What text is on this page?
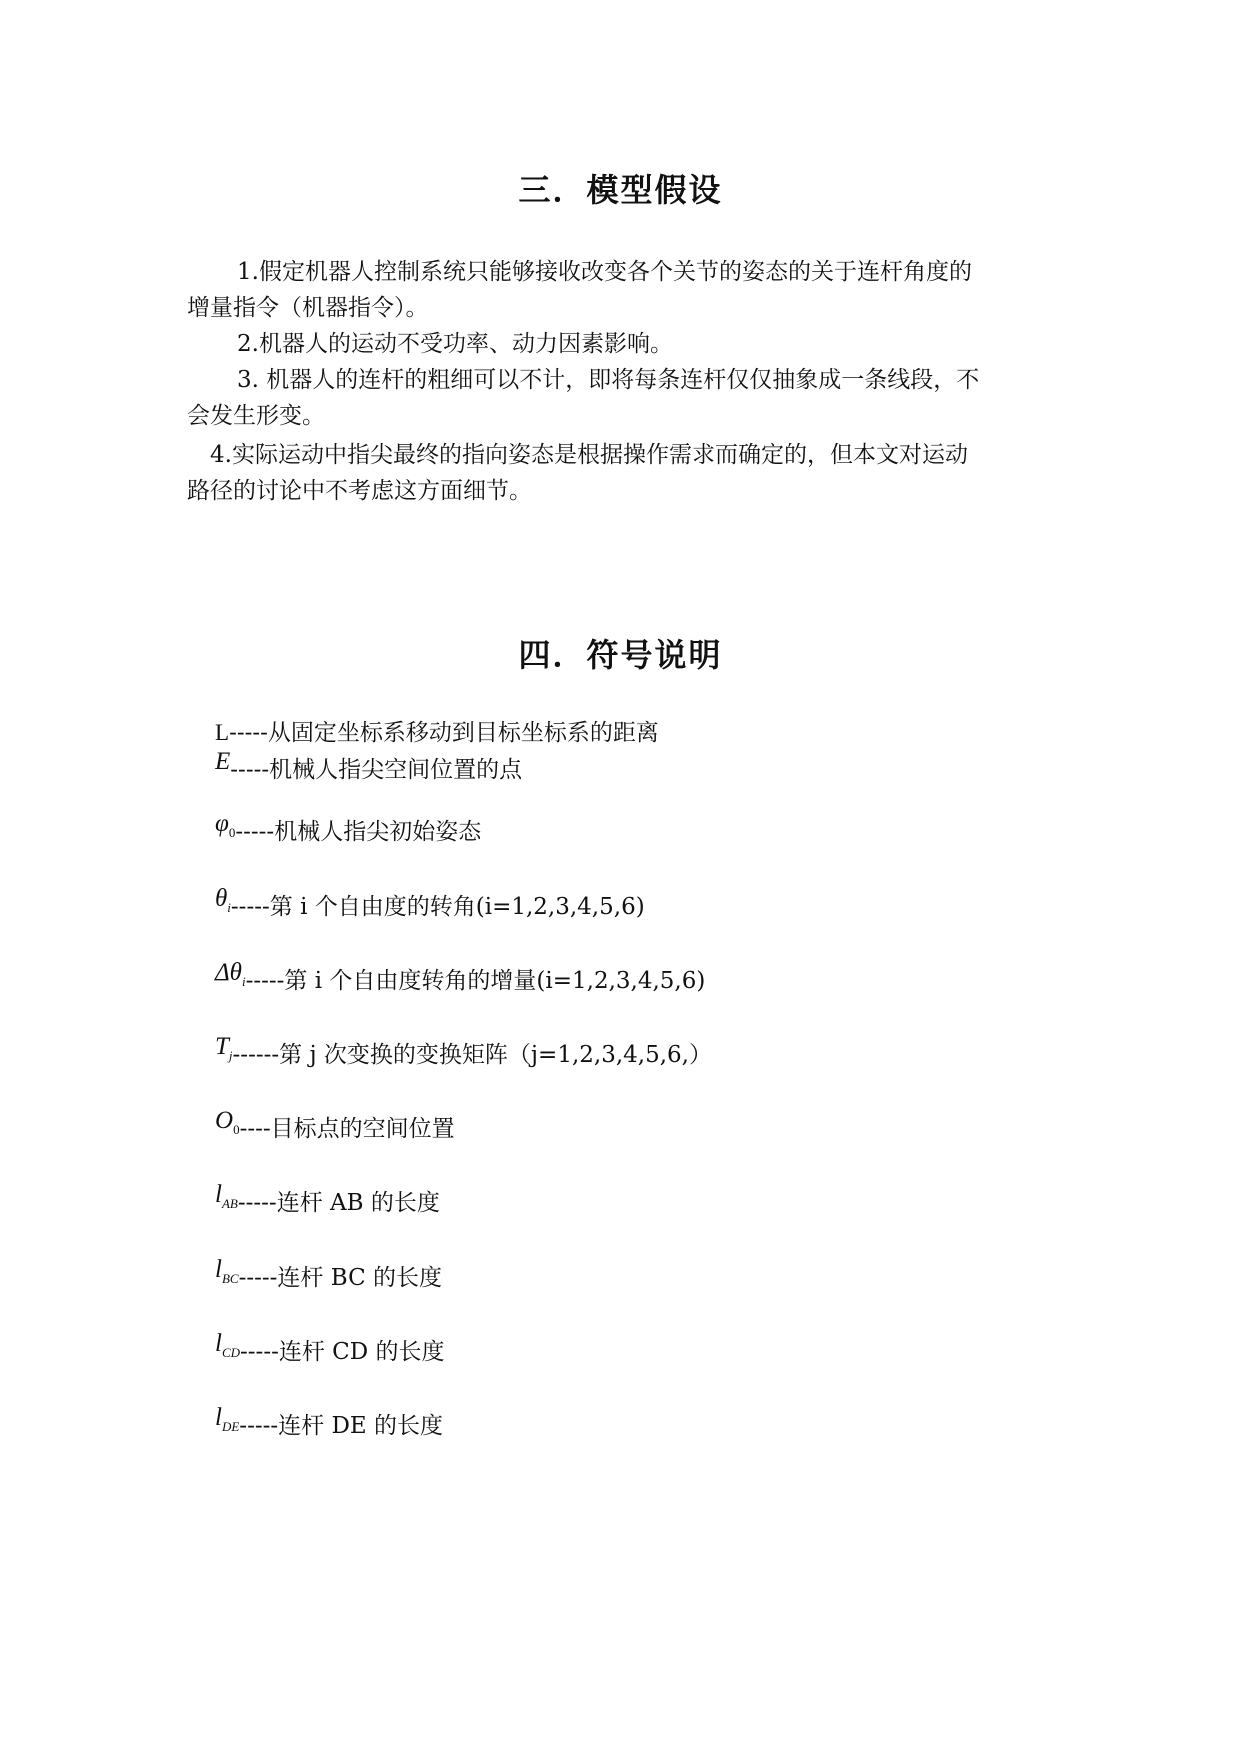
三．模型假设
1.假定机器人控制系统只能够接收改变各个关节的姿态的关于连杆角度的
增量指令（机器指令）。
2.机器人的运动不受功率、动力因素影响。
3. 机器人的连杆的粗细可以不计，即将每条连杆仅仅抽象成一条线段，不
会发生形变。
4.实际运动中指尖最终的指向姿态是根据操作需求而确定的，但本文对运动
路径的讨论中不考虑这方面细节。
四．符号说明
L-----从固定坐标系移动到目标坐标系的距离
E-----机械人指尖空间位置的点
$\varphi_0-----$机械人指尖初始姿态
$\theta_i-----$第 i 个自由度的转角(i=1,2,3,4,5,6)
$\Delta\theta_i-----$第 i 个自由度转角的增量(i=1,2,3,4,5,6)
$T_j------$第 j 次变换的变换矩阵（j=1,2,3,4,5,6,）
$O_0----$目标点的空间位置
$l_{AB}-----$连杆 AB 的长度
$l_{BC}-----$连杆 BC 的长度
$l_{CD}-----$连杆 CD 的长度
$l_{DE}-----$连杆 DE 的长度
